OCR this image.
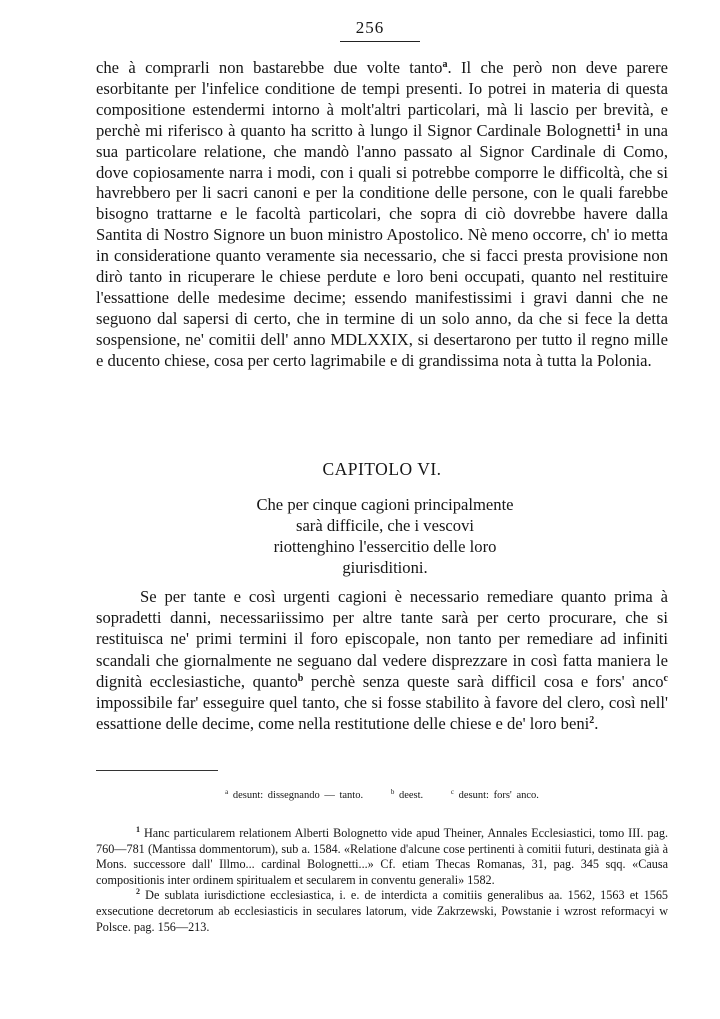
256

che à comprarli non bastarebbe due volte tanto$^a$. Il che però non deve parere esorbitante per l'infelice conditione de tempi presenti. Io potrei in materia di questa compositione estendermi intorno à molt'altri particolari, mà li lascio per brevità, e perchè mi riferisco à quanto ha scritto à lungo il Signor Cardinale Bolognetti$^1$ in una sua particolare relatione, che mandò l'anno passato al Signor Cardinale di Como, dove copiosamente narra i modi, con i quali si potrebbe comporre le difficoltà, che si havrebbero per li sacri canoni e per la conditione delle persone, con le quali farebbe bisogno trattarne e le facoltà particolari, che sopra di ciò dovrebbe havere dalla Santita di Nostro Signore un buon ministro Apostolico. Nè meno occorre, ch' io metta in consideratione quanto veramente sia necessario, che si facci presta provisione non dirò tanto in ricuperare le chiese perdute e loro beni occupati, quanto nel restituire l'essattione delle medesime decime; essendo manifestissimi i gravi danni che ne seguono dal sapersi di certo, che in termine di un solo anno, da che si fece la detta sospensione, ne' comitii dell' anno MDLXXIX, si desertarono per tutto il regno mille e ducento chiese, cosa per certo lagrimabile e di grandissima nota à tutta la Polonia.

CAPITOLO VI.
Che per cinque cagioni principalmente
sarà difficile, che i vescovi
riottenghino l'essercitio delle loro
giurisditioni.

Se per tante e così urgenti cagioni è necessario remediare quanto prima à sopradetti danni, necessariissimo per altre tante sarà per certo procurare, che si restituisca ne' primi termini il foro episcopale, non tanto per remediare ad infiniti scandali che giornalmente ne seguano dal vedere disprezzare in così fatta maniera le dignità ecclesiastiche, quanto$^b$ perchè senza queste sarà difficil cosa e fors' anco$^c$ impossibile far' esseguire quel tanto, che si fosse stabilito à favore del clero, così nell' essattione delle decime, come nella restitutione delle chiese e de' loro beni$^2$.

$^a$ desunt: dissegnando — tanto.	$^b$ deest.	$^c$ desunt: fors' anco.

$^1$ Hanc particularem relationem Alberti Bolognetto vide apud Theiner, Annales Ecclesiastici, tomo III. pag. 760—781 (Mantissa dommentorum), sub a. 1584. «Relatione d'alcune cose pertinenti à comitii futuri, destinata già à Mons. successore dall' Illmo... cardinal Bolognetti...» Cf. etiam Thecas Romanas, 31, pag. 345 sqq. «Causa compositionis inter ordinem spiritualem et secularem in conventu generali» 1582.

$^2$ De sublata iurisdictione ecclesiastica, i. e. de interdicta a comitiis generalibus aa. 1562, 1563 et 1565 exsecutione decretorum ab ecclesiasticis in seculares latorum, vide Zakrzewski, Powstanie i wzrost reformacyi w Polsce. pag. 156—213.
